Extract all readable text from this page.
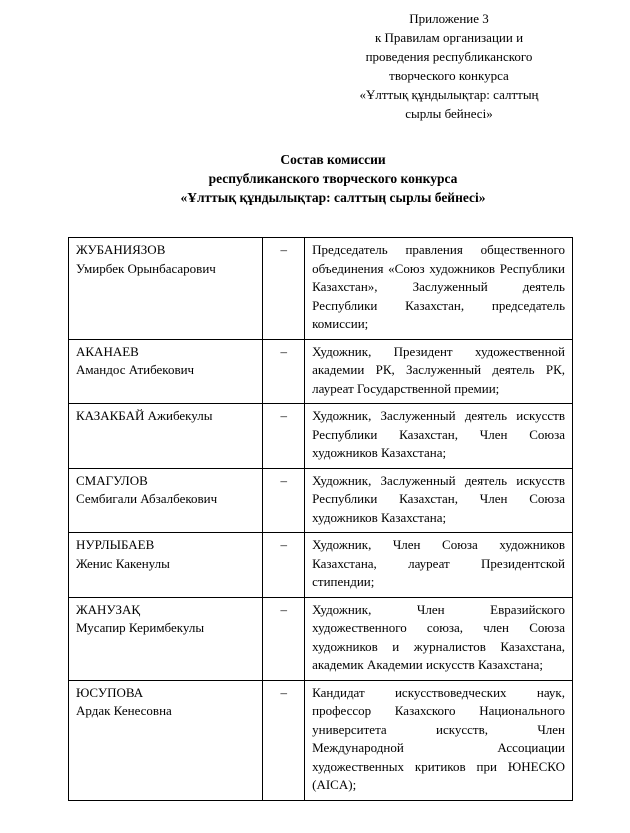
Приложение 3
к Правилам организации и
проведения республиканского
творческого конкурса
«Ұлттық құндылықтар: салттың
сырлы бейнесі»
Состав комиссии
республиканского творческого конкурса
«Ұлттық құндылықтар: салттың сырлы бейнесі»
ЖУБАНИЯЗОВ
Умирбек Орынбасарович	–	Председатель правления общественного объединения «Союз художников Республики Казахстан», Заслуженный деятель Республики Казахстан, председатель комиссии;

АКАНАЕВ
Амандос Атибекович	–	Художник, Президент художественной академии РК, Заслуженный деятель РК, лауреат Государственной премии;

КАЗАКБАЙ Ажибекулы	–	Художник, Заслуженный деятель искусств Республики Казахстан, Член Союза художников Казахстана;

СМАГУЛОВ
Сембигали Абзалбекович	–	Художник, Заслуженный деятель искусств Республики Казахстан, Член Союза художников Казахстана;

НУРЛЫБАЕВ
Женис Какенулы	–	Художник, Член Союза художников Казахстана, лауреат Президентской стипендии;

ЖАНУЗАҚ
Мусапир Керимбекулы	–	Художник, Член Евразийского художественного союза, член Союза художников и журналистов Казахстана, академик Академии искусств Казахстана;

ЮСУПОВА
Ардак Кенесовна	–	Кандидат искусствоведческих наук, профессор Казахского Национального университета искусств, Член Международной Ассоциации художественных критиков при ЮНЕСКО (AICA);
